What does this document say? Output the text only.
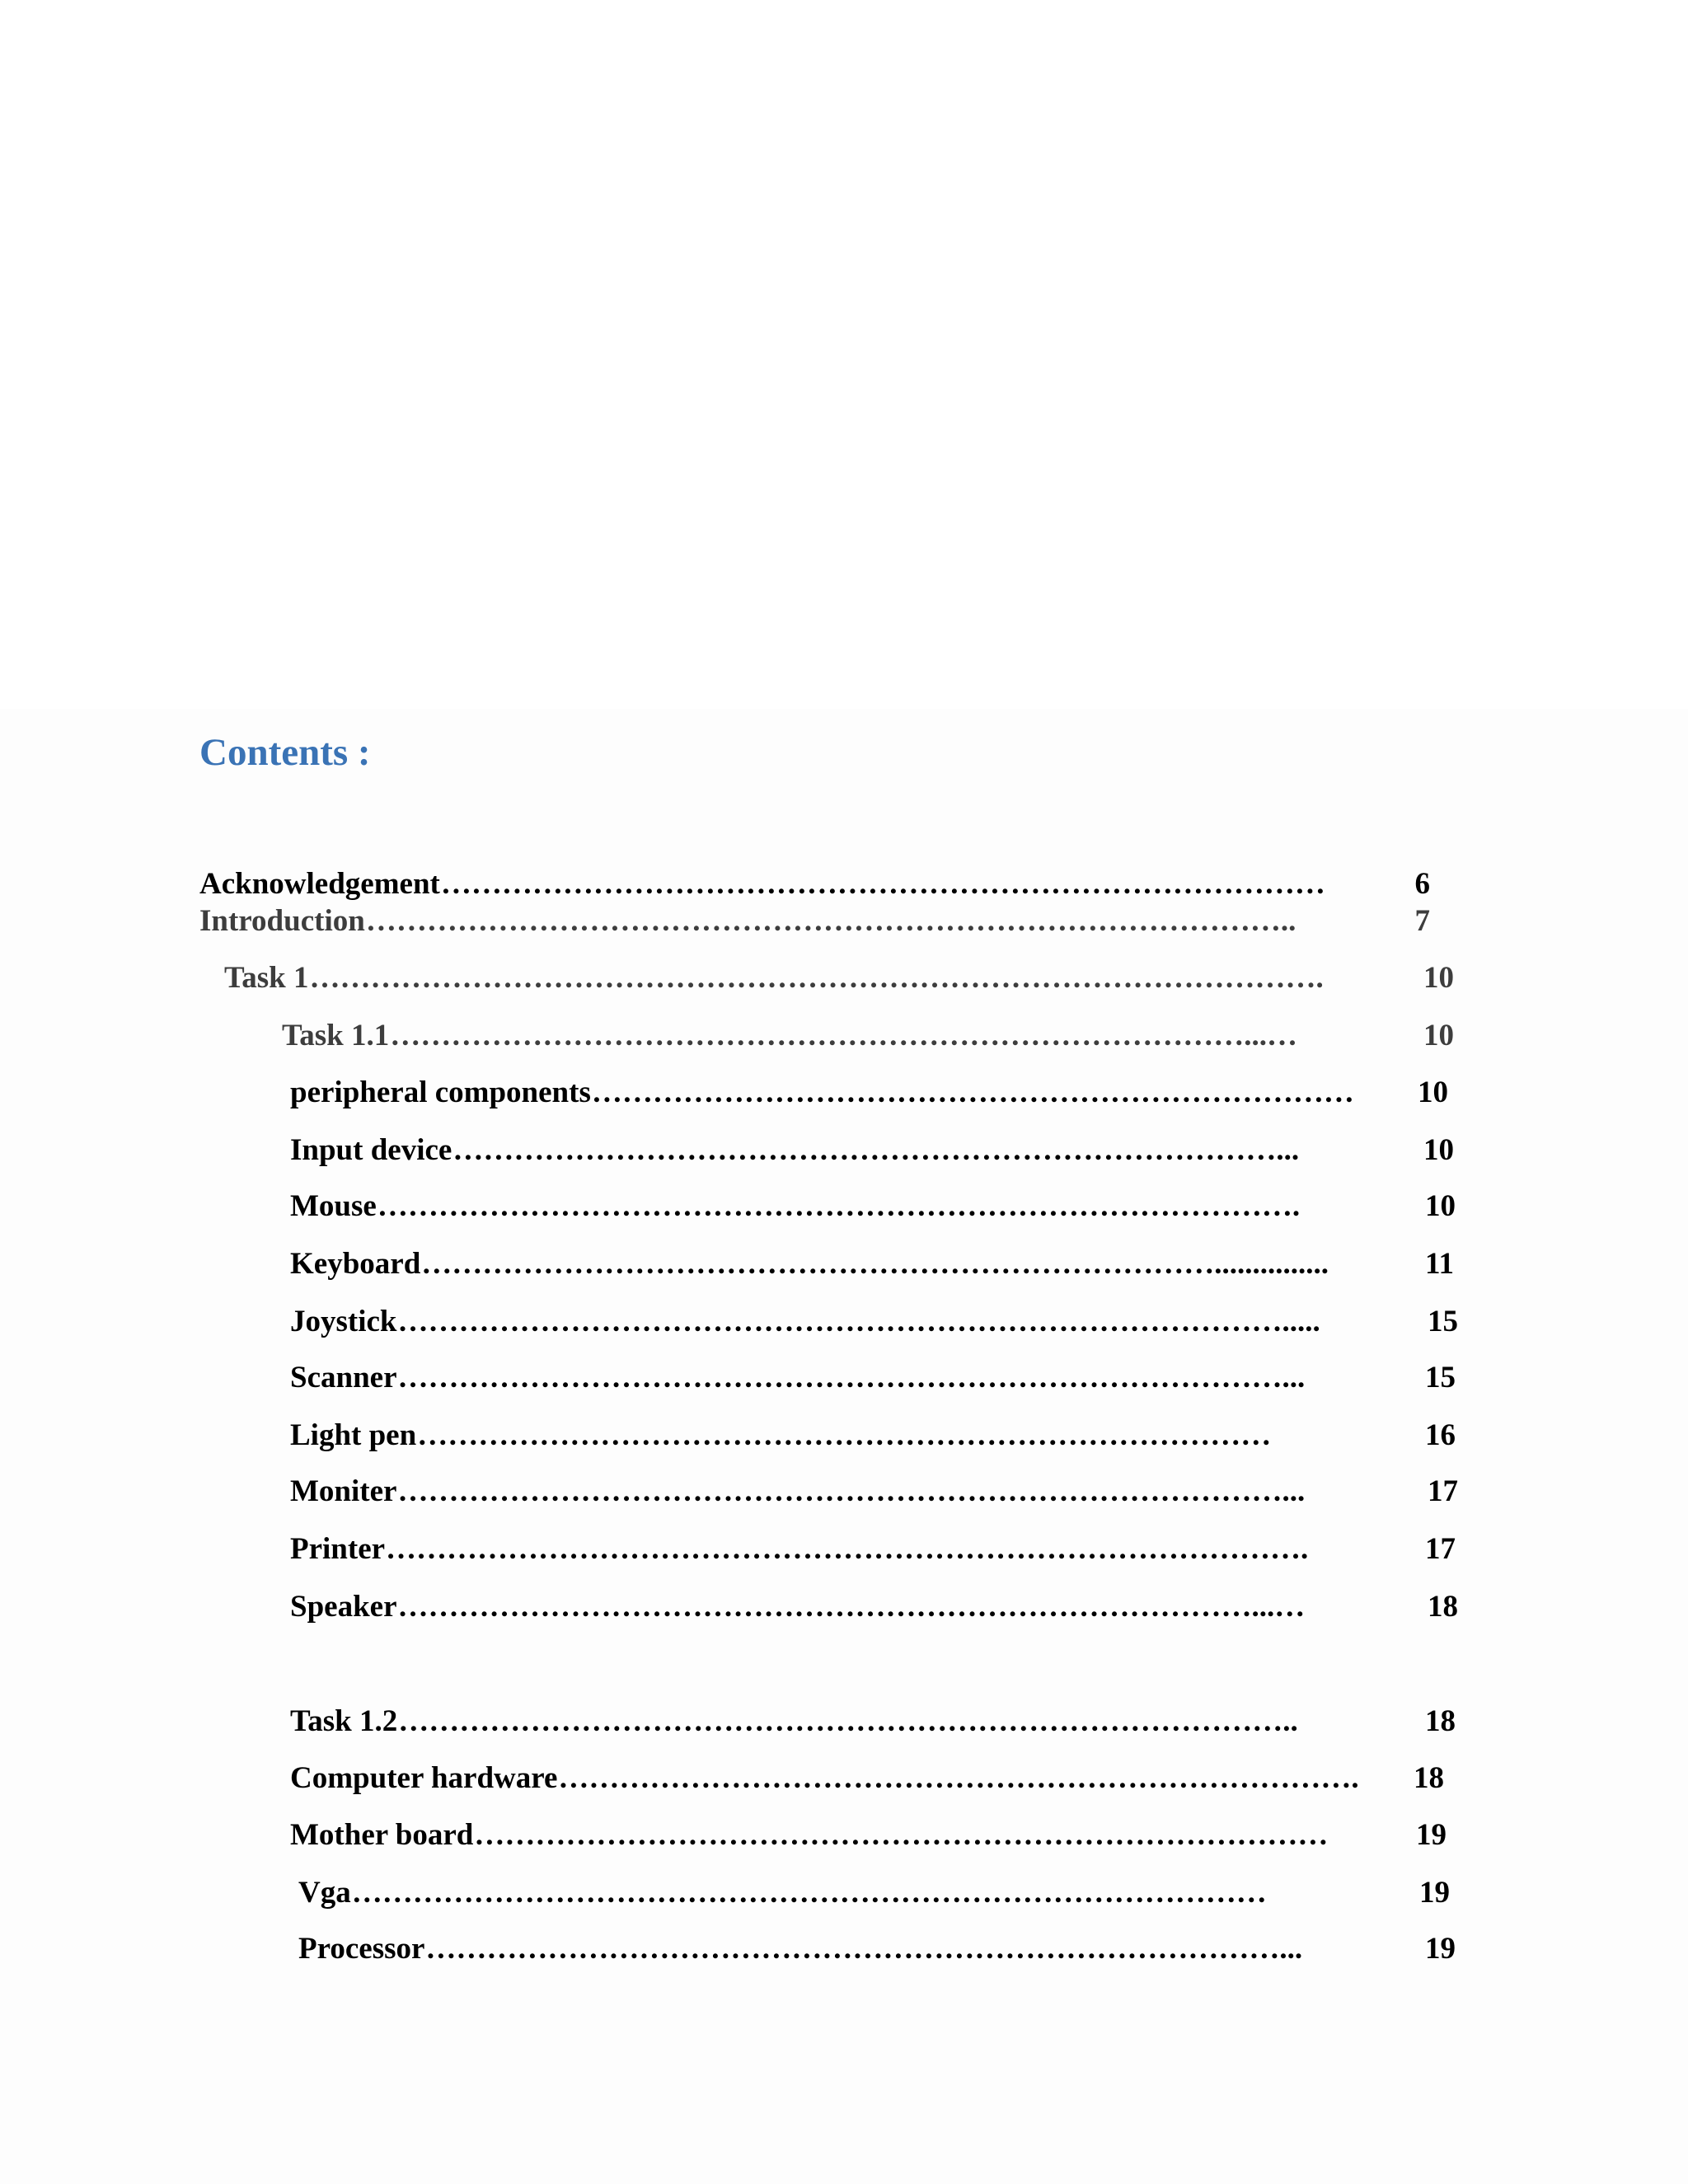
Contents :
6
Acknowledgement……………………………………………………………………………
7
Introduction………………………………………………………………………………..
10
Task 1……………………………………………………………………………………….
10
Task 1.1…………………………………………………………………………...…
10
peripheral components…………………………………………………………………
10
Input device………………………………………………………………………...
10
Mouse……………………………………………………………………………….
11
Keyboard……………………………………………………………………...............
15
Joystick…………………………………………………………………………….....
15
Scanner……………………………………………………………………………...
16
Light pen…………………………………………………………………………
17
Moniter……………………………………………………………………………...
17
Printer……………………………………………………………………………….
18
Speaker…………………………………………………………………………...…
18
Task 1.2……………………………………………………………………………..
18
Computer hardware…………………………………………………………………….
19
Mother board…………………………………………………………………………
19
Vga………………………………………………………………………………
19
Processor…………………………………………………………………………...
